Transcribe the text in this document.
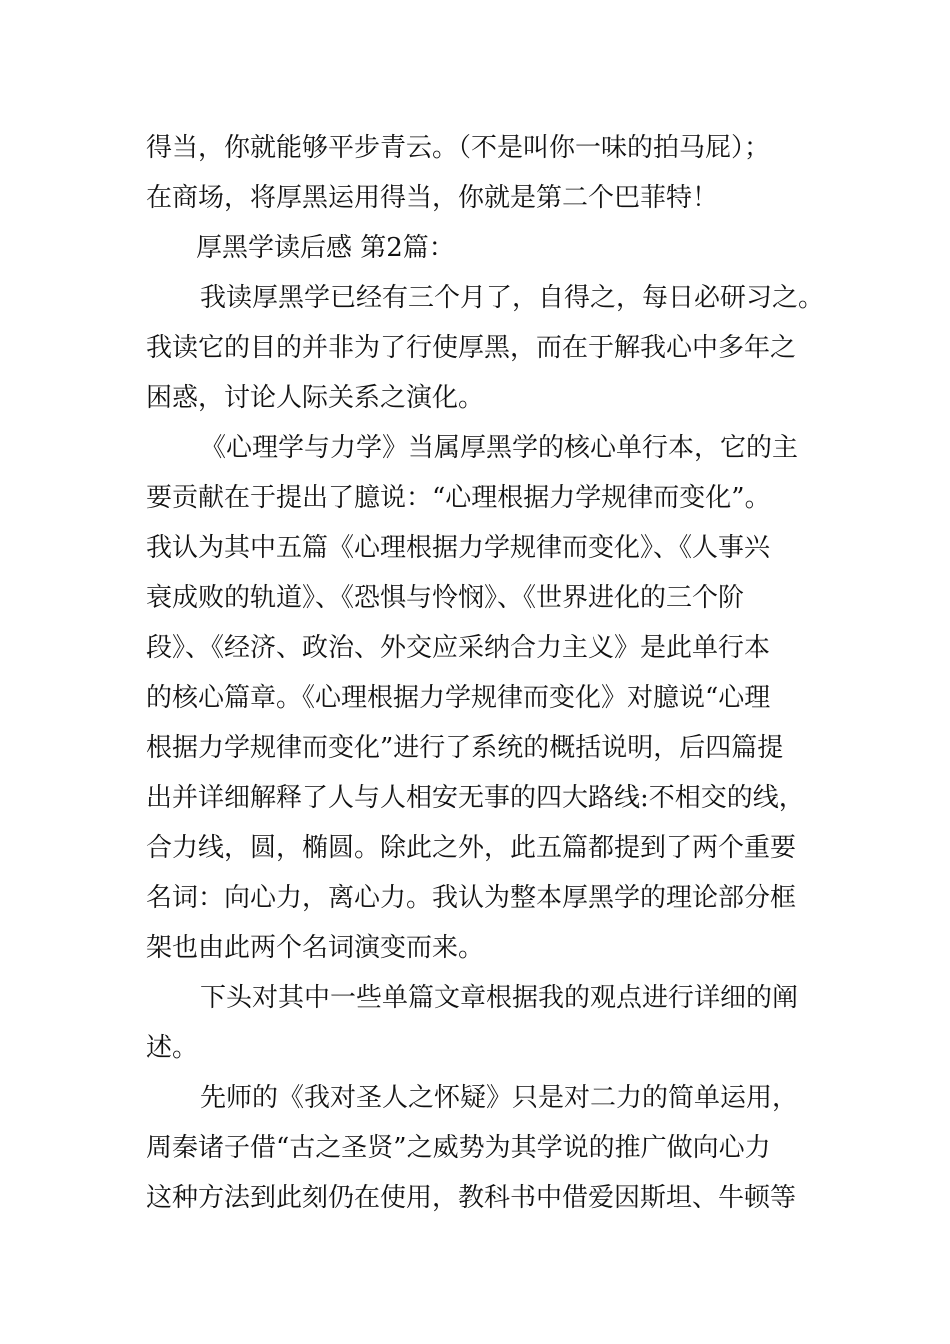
得当，你就能够平步青云。（不是叫你一味的拍马屁）；

在商场，将厚黑运用得当，你就是第二个巴菲特！

厚黑学读后感 第2篇：

我读厚黑学已经有三个月了，自得之，每日必研习之。

我读它的目的并非为了行使厚黑，而在于解我心中多年之

困惑，讨论人际关系之演化。

《心理学与力学》当属厚黑学的核心单行本，它的主

要贡献在于提出了臆说：“心理根据力学规律而变化”。

我认为其中五篇《心理根据力学规律而变化》、《人事兴

衰成败的轨道》、《恐惧与怜悯》、《世界进化的三个阶

段》、《经济、政治、外交应采纳合力主义》是此单行本

的核心篇章。《心理根据力学规律而变化》对臆说“心理

根据力学规律而变化”进行了系统的概括说明，后四篇提

出并详细解释了人与人相安无事的四大路线:不相交的线，

合力线，圆，椭圆。除此之外，此五篇都提到了两个重要

名词：向心力，离心力。我认为整本厚黑学的理论部分框

架也由此两个名词演变而来。

下头对其中一些单篇文章根据我的观点进行详细的阐

述。

先师的《我对圣人之怀疑》只是对二力的简单运用，

周秦诸子借“古之圣贤”之威势为其学说的推广做向心力

这种方法到此刻仍在使用，教科书中借爱因斯坦、牛顿等
